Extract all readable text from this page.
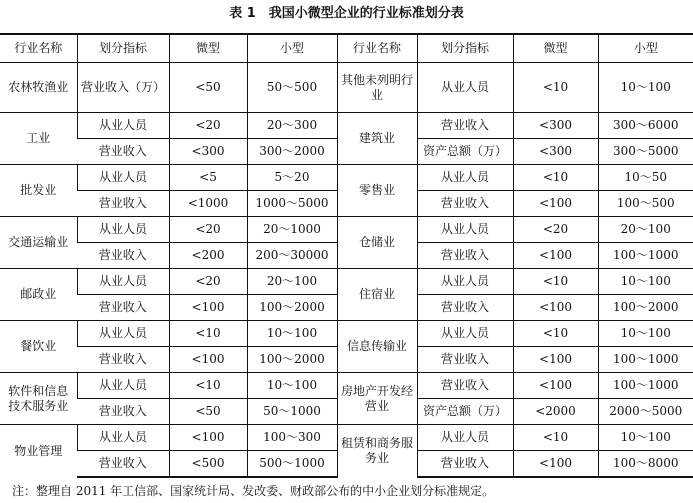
表 1　我国小微型企业的行业标准划分表
行业名称	划分指标	微型	小型	行业名称	划分指标	微型	小型
农林牧渔业	营业收入（万）	<50	50～500	其他未列明行业	从业人员	<10	10～100
工业	从业人员	<20	20～300	建筑业	营业收入	<300	300～6000
	营业收入	<300	300～2000		资产总额（万）	<300	300～5000
批发业	从业人员	<5	5～20	零售业	从业人员	<10	10～50
	营业收入	<1000	1000～5000		营业收入	<100	100～500
交通运输业	从业人员	<20	20～1000	仓储业	从业人员	<20	20～100
	营业收入	<200	200～30000		营业收入	<100	100～1000
邮政业	从业人员	<20	20～100	住宿业	从业人员	<10	10～100
	营业收入	<100	100～2000		营业收入	<100	100～2000
餐饮业	从业人员	<10	10～100	信息传输业	从业人员	<10	10～100
	营业收入	<100	100～2000		营业收入	<100	100～1000
软件和信息技术服务业	从业人员	<10	10～100	房地产开发经营业	营业收入	<100	100～1000
	营业收入	<50	50～1000		资产总额（万）	<2000	2000～5000
物业管理	从业人员	<100	100～300	租赁和商务服务业	从业人员	<10	10～100
	营业收入	<500	500～1000		营业收入	<100	100～8000
注：整理自 2011 年工信部、国家统计局、发改委、财政部公布的中小企业划分标准规定。
